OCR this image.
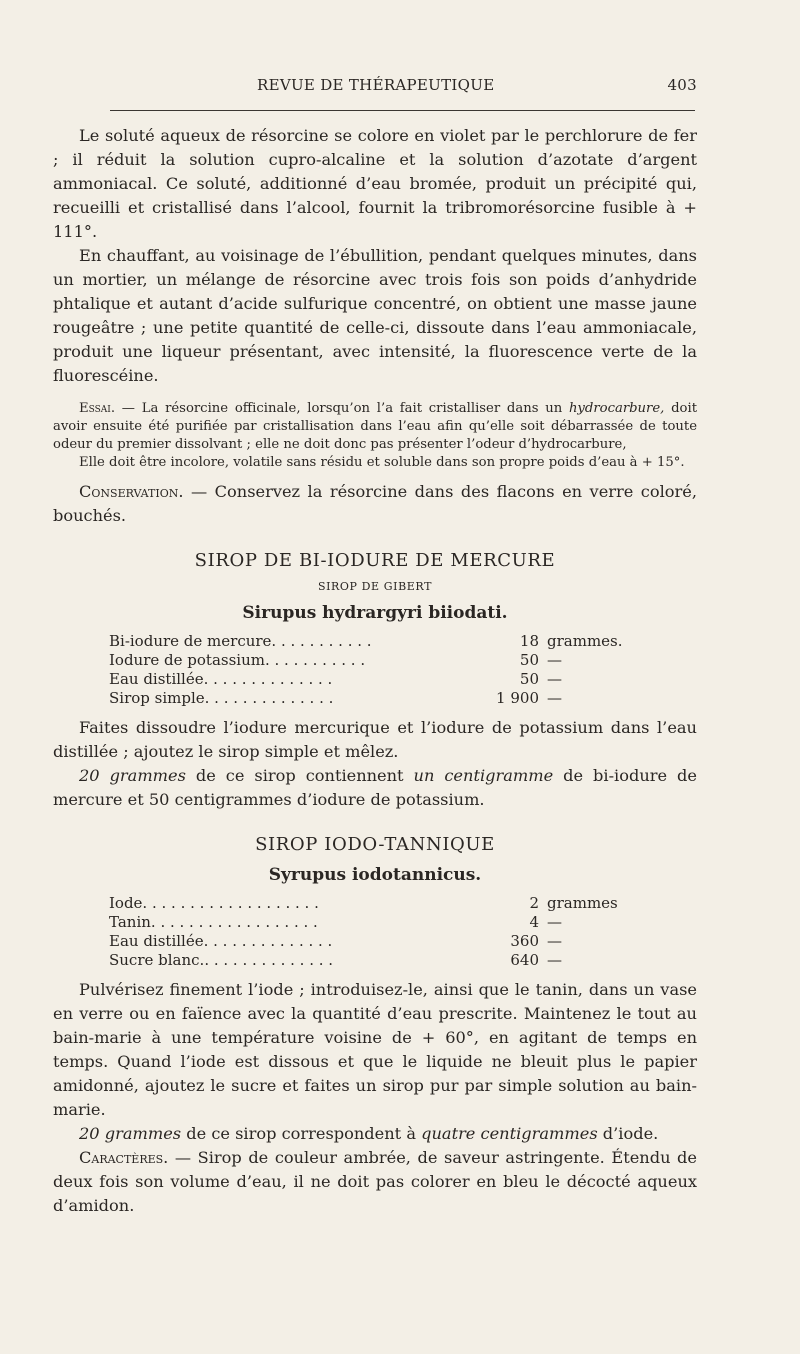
REVUE DE THÉRAPEUTIQUE	403

Le soluté aqueux de résorcine se colore en violet par le perchlorure de fer ; il réduit la solution cupro-alcaline et la solution d’azotate d’argent ammoniacal. Ce soluté, additionné d’eau bromée, produit un précipité qui, recueilli et cristallisé dans l’alcool, fournit la tribromorésorcine fusible à + 111°.

En chauffant, au voisinage de l’ébullition, pendant quelques minutes, dans un mortier, un mélange de résorcine avec trois fois son poids d’anhydride phtalique et autant d’acide sulfurique concentré, on obtient une masse jaune rougeâtre ; une petite quantité de celle-ci, dissoute dans l’eau ammoniacale, produit une liqueur présentant, avec intensité, la fluorescence verte de la fluorescéine.

Essai. — La résorcine officinale, lorsqu’on l’a fait cristalliser dans un hydrocarbure, doit avoir ensuite été purifiée par cristallisation dans l’eau afin qu’elle soit débarrassée de toute odeur du premier dissolvant ; elle ne doit donc pas présenter l’odeur d’hydrocarbure,

Elle doit être incolore, volatile sans résidu et soluble dans son propre poids d’eau à + 15°.

Conservation. — Conservez la résorcine dans des flacons en verre coloré, bouchés.

SIROP DE BI-IODURE DE MERCURE
SIROP DE GIBERT
Sirupus hydrargyri biiodati.
Bi-iodure de mercure. . . . . . . . . . .	18	grammes.
Iodure de potassium. . . . . . . . . . .	50	—
Eau distillée. . . . . . . . . . . . . .	50	—
Sirop simple. . . . . . . . . . . . . .	1 900	—

Faites dissoudre l’iodure mercurique et l’iodure de potassium dans l’eau distillée ; ajoutez le sirop simple et mêlez.

20 grammes de ce sirop contiennent un centigramme de bi-iodure de mercure et 50 centigrammes d’iodure de potassium.

SIROP IODO-TANNIQUE
Syrupus iodotannicus.
Iode. . . . . . . . . . . . . . . . . . .	2	grammes
Tanin. . . . . . . . . . . . . . . . . .	4	—
Eau distillée. . . . . . . . . . . . . .	360	—
Sucre blanc.. . . . . . . . . . . . . .	640	—

Pulvérisez finement l’iode ; introduisez-le, ainsi que le tanin, dans un vase en verre ou en faïence avec la quantité d’eau prescrite. Maintenez le tout au bain-marie à une température voisine de + 60°, en agitant de temps en temps. Quand l’iode est dissous et que le liquide ne bleuit plus le papier amidonné, ajoutez le sucre et faites un sirop pur par simple solution au bain-marie.

20 grammes de ce sirop correspondent à quatre centigrammes d’iode.

Caractères. — Sirop de couleur ambrée, de saveur astringente. Étendu de deux fois son volume d’eau, il ne doit pas colorer en bleu le décocté aqueux d’amidon.
